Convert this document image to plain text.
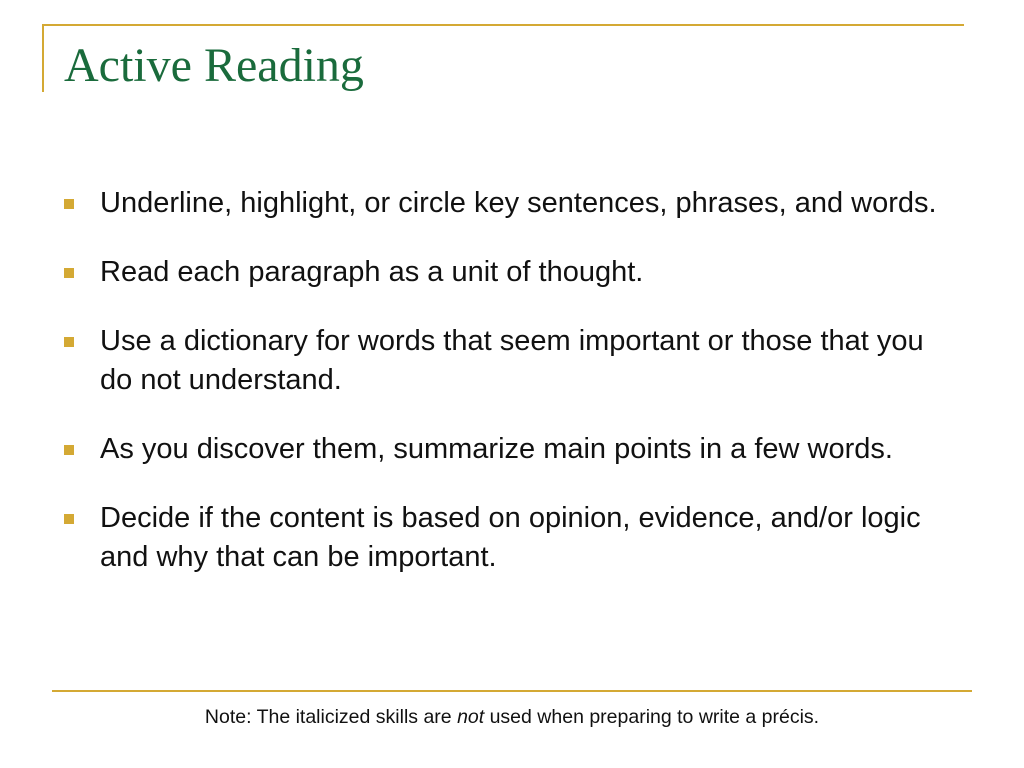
Active Reading
Underline, highlight, or circle key sentences, phrases, and words.
Read each paragraph as a unit of thought.
Use a dictionary for words that seem important or those that you do not understand.
As you discover them, summarize main points in a few words.
Decide if the content is based on opinion, evidence, and/or logic and why that can be important.
Note: The italicized skills are not used when preparing to write a précis.
